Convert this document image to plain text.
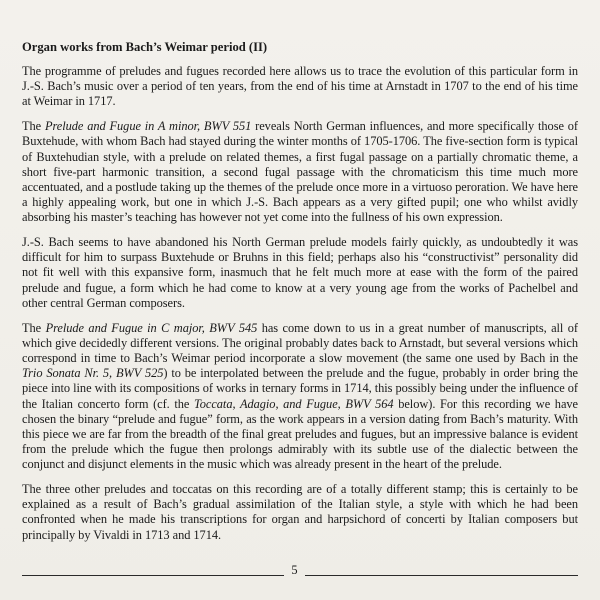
Organ works from Bach’s Weimar period (II)

The programme of preludes and fugues recorded here allows us to trace the evolution of this particular form in J.-S. Bach’s music over a period of ten years, from the end of his time at Arnstadt in 1707 to the end of his time at Weimar in 1717.

The Prelude and Fugue in A minor, BWV 551 reveals North German influences, and more specifically those of Buxtehude, with whom Bach had stayed during the winter months of 1705-1706. The five-section form is typical of Buxtehudian style, with a prelude on related themes, a first fugal passage on a partially chromatic theme, a short five-part harmonic transition, a second fugal passage with the chromaticism this time much more accentuated, and a postlude taking up the themes of the prelude once more in a virtuoso peroration. We have here a highly appealing work, but one in which J.-S. Bach appears as a very gifted pupil; one who whilst avidly absorbing his master’s teaching has however not yet come into the fullness of his own expression.

J.-S. Bach seems to have abandoned his North German prelude models fairly quickly, as undoubtedly it was difficult for him to surpass Buxtehude or Bruhns in this field; perhaps also his “constructivist” personality did not fit well with this expansive form, inasmuch that he felt much more at ease with the form of the paired prelude and fugue, a form which he had come to know at a very young age from the works of Pachelbel and other central German composers.

The Prelude and Fugue in C major, BWV 545 has come down to us in a great number of manuscripts, all of which give decidedly different versions. The original probably dates back to Arnstadt, but several versions which correspond in time to Bach’s Weimar period incorporate a slow movement (the same one used by Bach in the Trio Sonata Nr. 5, BWV 525) to be interpolated between the prelude and the fugue, probably in order bring the piece into line with its compositions of works in ternary forms in 1714, this possibly being under the influence of the Italian concerto form (cf. the Toccata, Adagio, and Fugue, BWV 564 below). For this recording we have chosen the binary “prelude and fugue” form, as the work appears in a version dating from Bach’s maturity. With this piece we are far from the breadth of the final great preludes and fugues, but an impressive balance is evident from the prelude which the fugue then prolongs admirably with its subtle use of the dialectic between the conjunct and disjunct elements in the music which was already present in the heart of the prelude.

The three other preludes and toccatas on this recording are of a totally different stamp; this is certainly to be explained as a result of Bach’s gradual assimilation of the Italian style, a style with which he had been confronted when he made his transcriptions for organ and harpsichord of concerti by Italian composers but principally by Vivaldi in 1713 and 1714.

5
